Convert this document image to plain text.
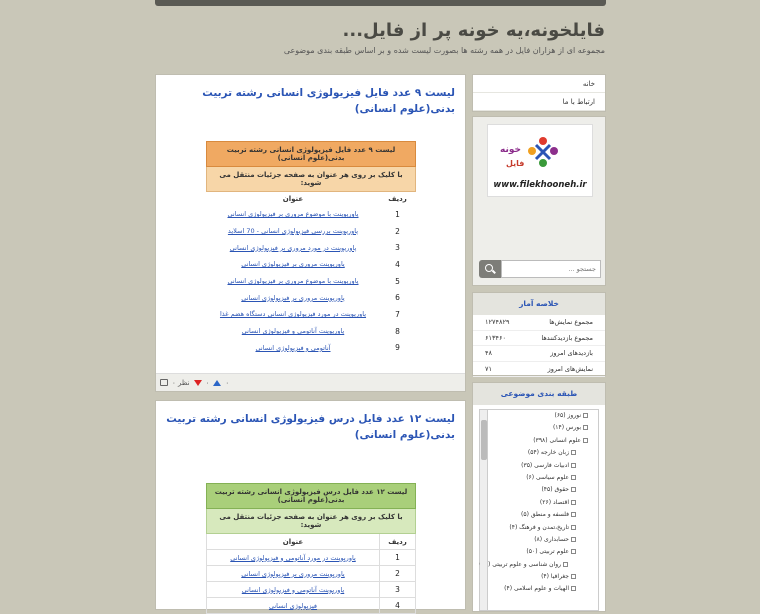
فایلخونه،یه خونه پر از فایل...
مجموعه ای از هزاران فایل در همه رشته ها بصورت لیست شده و بر اساس طبقه بندی موضوعی
لیست ۹ عدد فایل فیزیولوژی انسانی رشته تربیت بدنی(علوم انسانی)
لیست ۹ عدد فایل فیزیولوژی انسانی رشته تربیت بدنی(علوم انسانی)	
با کلیک بر روی هر عنوان به صفحه جزئیات منتقل می شوید:	
ردیف	عنوان
1	پاورپوینت با موضوع مروری بر فیزیولوژی انسانی
2	پاورپوینت بررسی فیزیولوژی انسانی - 70 اسلاید
3	پاورپوینت در مورد مروری بر فیزیولوژی انسانی
4	پاورپوینت مروری بر فیزیولوژی انسانی
5	پاورپوینت با موضوع مروری بر فیزیولوژی انسانی
6	پاورپوینت مروری بر فیزیولوژی انسانی
7	پاورپوینت در مورد فیزیولوژی انسانی دستگاه هضم غذا
8	پاورپوینت آناتومی و فیزیولوژی انسانی
9	آناتومی و فیزیولوژی انسانی
۰ نظر ۰ ۰
لیست ۱۲ عدد فایل درس فیزیولوژی انسانی رشته تربیت بدنی(علوم انسانی)
لیست ۱۲ عدد فایل درس فیزیولوژی انسانی رشته تربیت بدنی(علوم انسانی)	
با کلیک بر روی هر عنوان به صفحه جزئیات منتقل می شوید:	
ردیف	عنوان
1	پاورپوینت در مورد آناتومی و فیزیولوژی انسانی
2	پاورپوینت مروری بر فیزیولوژی انسانی
3	پاورپوینت آناتومی و فیزیولوژی انسانی
4	فیزیولوژی انسانی
خانه
ارتباط با ما
خونه
فایل
www.filekhooneh.ir
جستجو ...
خلاصه آمار
مجموع نمایش‌ها
۱۲۷۴۸۲۹
مجموع بازدیدکنندها
۶۱۳۴۶۰
بازدیدهای امروز
۴۸
نمایش‌های امروز
۷۱
طبقه بندی موضوعی
نوروز (۶۵)
بورس (۱۴)
علوم انسانی (۳۹۸)
زبان خارجه (۵۴)
ادبیات فارسی (۳۵)
علوم سیاسی (۶)
حقوق (۴۵)
اقتصاد (۲۶)
فلسفه و منطق (۵)
تاریخ،تمدن و فرهنگ (۴)
حسابداری (۸)
علوم تربیتی (۵۰)
روان شناسی و علوم تربیتی (
جغرافیا (۴)
الهیات و علوم اسلامی (۴)
